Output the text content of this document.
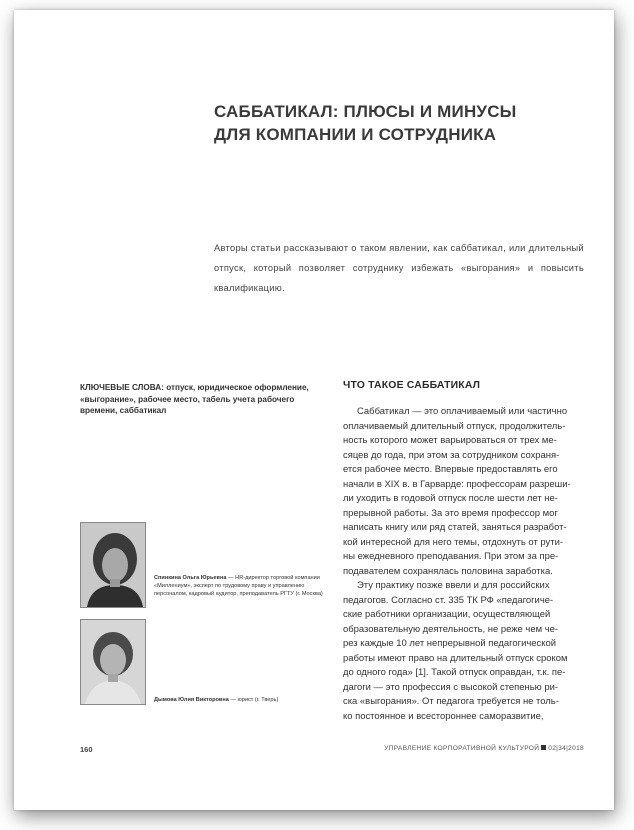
САББАТИКАЛ: ПЛЮСЫ И МИНУСЫ
ДЛЯ КОМПАНИИ И СОТРУДНИКА
Авторы статьи рассказывают о таком явлении, как саббатикал, или длительный отпуск, который позволяет сотруднику избежать «выгорания» и повысить квалификацию.
КЛЮЧЕВЫЕ СЛОВА: отпуск, юридическое оформление, «выгорание», рабочее место, табель учета рабочего времени, саббатикал
Спинкина Ольга Юрьевна — HR-директор торговой компании «Миллениум», эксперт по трудовому праву и управлению персоналом, кадровый аудитор, преподаватель РГТУ (г. Москва)
Дымова Юлия Викторовна — юрист (г. Тверь)
ЧТО ТАКОЕ САББАТИКАЛ
Саббатикал — это оплачиваемый или частично
оплачиваемый длительный отпуск, продолжитель-
ность которого может варьироваться от трех ме-
сяцев до года, при этом за сотрудником сохраня-
ется рабочее место. Впервые предоставлять его
начали в XIX в. в Гарварде: профессорам разреши-
ли уходить в годовой отпуск после шести лет не-
прерывной работы. За это время профессор мог
написать книгу или ряд статей, заняться разработ-
кой интересной для него темы, отдохнуть от рути-
ны ежедневного преподавания. При этом за пре-
подавателем сохранялась половина заработка.
Эту практику позже ввели и для российских
педагогов. Согласно ст. 335 ТК РФ «педагогиче-
ские работники организации, осуществляющей
образовательную деятельность, не реже чем че-
рез каждые 10 лет непрерывной педагогической
работы имеют право на длительный отпуск сроком
до одного года» [1]. Такой отпуск оправдан, т.к. пе-
дагоги — это профессия с высокой степенью ри-
ска «выгорания». От педагога требуется не толь-
ко постоянное и всестороннее саморазвитие,
160	УПРАВЛЕНИЕ КОРПОРАТИВНОЙ КУЛЬТУРОЙ 02|34|2018
